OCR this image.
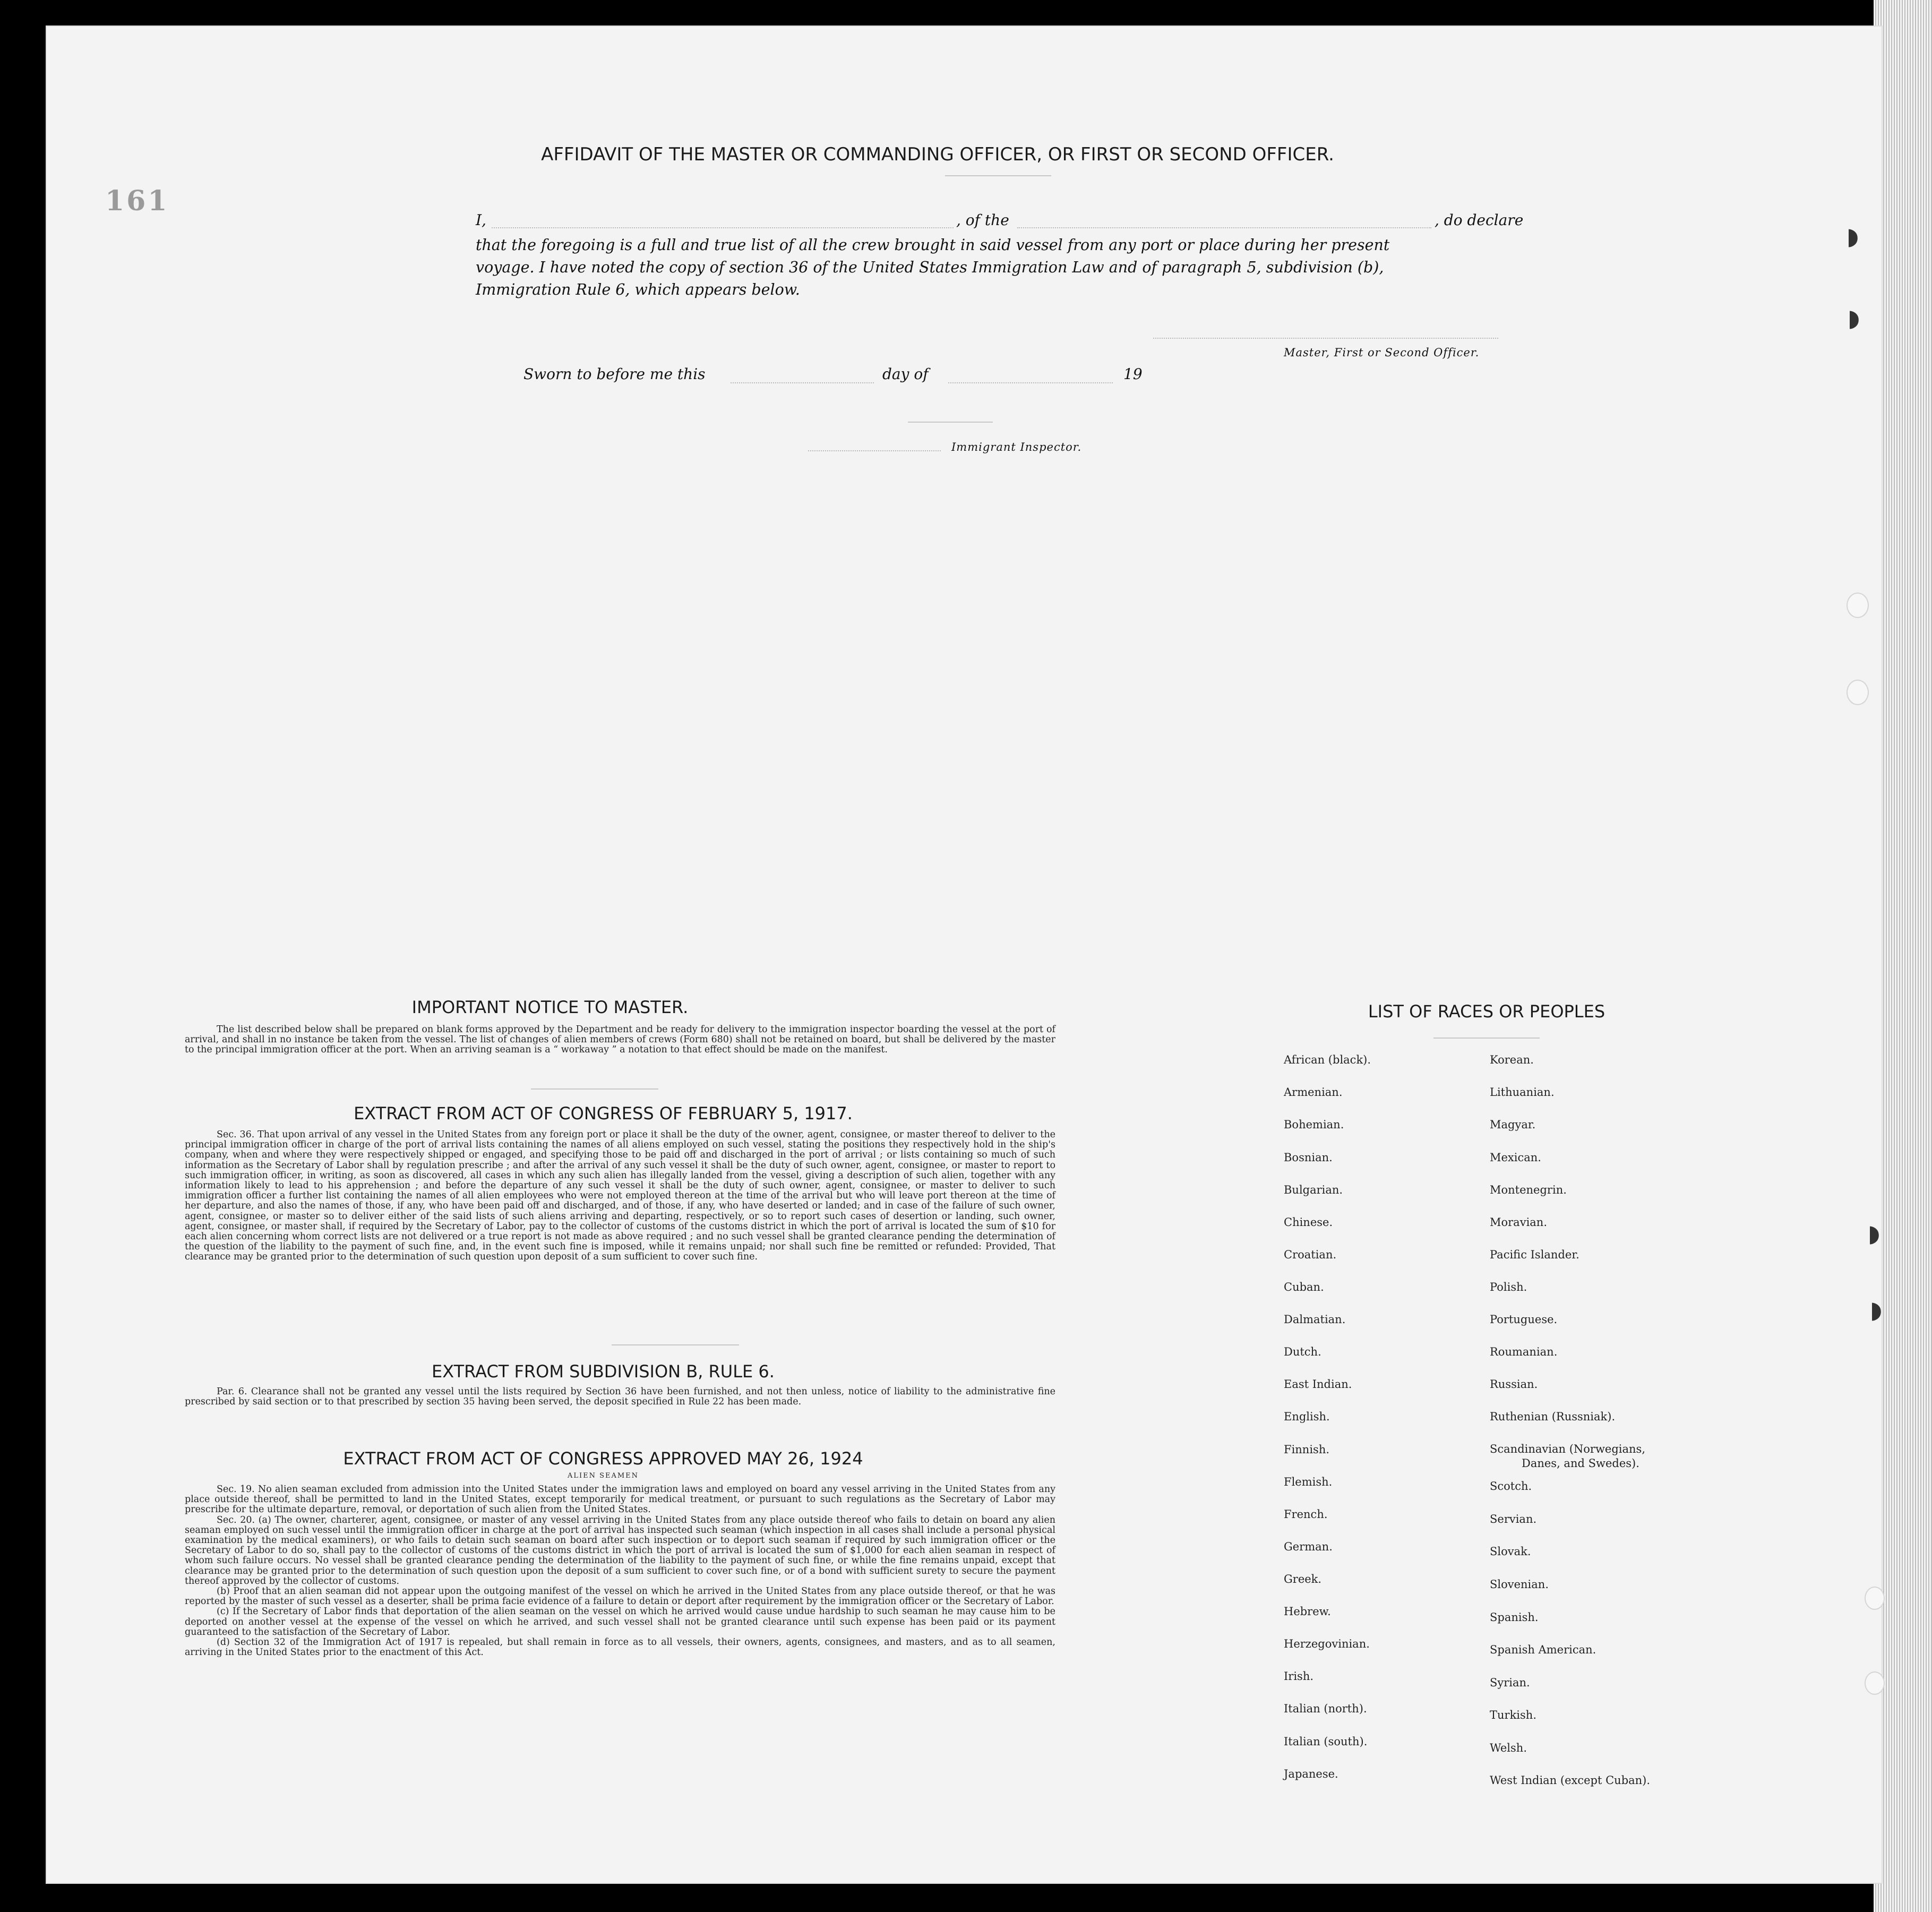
161
◗
◗
◗
◗
AFFIDAVIT OF THE MASTER OR COMMANDING OFFICER, OR FIRST OR SECOND OFFICER.
I,	, of the	, do declare
that the foregoing is a full and true list of all the crew brought in said vessel from any port or place during her present
voyage. I have noted the copy of section 36 of the United States Immigration Law and of paragraph 5, subdivision (b),
Immigration Rule 6, which appears below.
Master, First or Second Officer.
Sworn to before me this	day of	19
Immigrant Inspector.
IMPORTANT NOTICE TO MASTER.

The list described below shall be prepared on blank forms approved by the Department and be ready for delivery to the immigration inspector boarding the vessel at the port of arrival, and shall in no instance be taken from the vessel. The list of changes of alien members of crews (Form 680) shall not be retained on board, but shall be delivered by the master to the principal immigration officer at the port. When an arriving seaman is a “ workaway ” a notation to that effect should be made on the manifest.

EXTRACT FROM ACT OF CONGRESS OF FEBRUARY 5, 1917.

Sec. 36. That upon arrival of any vessel in the United States from any foreign port or place it shall be the duty of the owner, agent, consignee, or master thereof to deliver to the principal immigration officer in charge of the port of arrival lists containing the names of all aliens employed on such vessel, stating the positions they respectively hold in the ship's company, when and where they were respectively shipped or engaged, and specifying those to be paid off and discharged in the port of arrival ; or lists containing so much of such information as the Secretary of Labor shall by regulation prescribe ; and after the arrival of any such vessel it shall be the duty of such owner, agent, consignee, or master to report to such immigration officer, in writing, as soon as discovered, all cases in which any such alien has illegally landed from the vessel, giving a description of such alien, together with any information likely to lead to his apprehension ; and before the departure of any such vessel it shall be the duty of such owner, agent, consignee, or master to deliver to such immigration officer a further list containing the names of all alien employees who were not employed thereon at the time of the arrival but who will leave port thereon at the time of her departure, and also the names of those, if any, who have been paid off and discharged, and of those, if any, who have deserted or landed; and in case of the failure of such owner, agent, consignee, or master so to deliver either of the said lists of such aliens arriving and departing, respectively, or so to report such cases of desertion or landing, such owner, agent, consignee, or master shall, if required by the Secretary of Labor, pay to the collector of customs of the customs district in which the port of arrival is located the sum of $10 for each alien concerning whom correct lists are not delivered or a true report is not made as above required ; and no such vessel shall be granted clearance pending the determination of the question of the liability to the payment of such fine, and, in the event such fine is imposed, while it remains unpaid; nor shall such fine be remitted or refunded: Provided, That clearance may be granted prior to the determination of such question upon deposit of a sum sufficient to cover such fine.

EXTRACT FROM SUBDIVISION B, RULE 6.

Par. 6. Clearance shall not be granted any vessel until the lists required by Section 36 have been furnished, and not then unless, notice of liability to the administrative fine prescribed by said section or to that prescribed by section 35 having been served, the deposit specified in Rule 22 has been made.

EXTRACT FROM ACT OF CONGRESS APPROVED MAY 26, 1924
ALIEN SEAMEN

Sec. 19. No alien seaman excluded from admission into the United States under the immigration laws and employed on board any vessel arriving in the United States from any place outside thereof, shall be permitted to land in the United States, except temporarily for medical treatment, or pursuant to such regulations as the Secretary of Labor may prescribe for the ultimate departure, removal, or deportation of such alien from the United States.

Sec. 20. (a) The owner, charterer, agent, consignee, or master of any vessel arriving in the United States from any place outside thereof who fails to detain on board any alien seaman employed on such vessel until the immigration officer in charge at the port of arrival has inspected such seaman (which inspection in all cases shall include a personal physical examination by the medical examiners), or who fails to detain such seaman on board after such inspection or to deport such seaman if required by such immigration officer or the Secretary of Labor to do so, shall pay to the collector of customs of the customs district in which the port of arrival is located the sum of $1,000 for each alien seaman in respect of whom such failure occurs. No vessel shall be granted clearance pending the determination of the liability to the payment of such fine, or while the fine remains unpaid, except that clearance may be granted prior to the determination of such question upon the deposit of a sum sufficient to cover such fine, or of a bond with sufficient surety to secure the payment thereof approved by the collector of customs.

(b) Proof that an alien seaman did not appear upon the outgoing manifest of the vessel on which he arrived in the United States from any place outside thereof, or that he was reported by the master of such vessel as a deserter, shall be prima facie evidence of a failure to detain or deport after requirement by the immigration officer or the Secretary of Labor.

(c) If the Secretary of Labor finds that deportation of the alien seaman on the vessel on which he arrived would cause undue hardship to such seaman he may cause him to be deported on another vessel at the expense of the vessel on which he arrived, and such vessel shall not be granted clearance until such expense has been paid or its payment guaranteed to the satisfaction of the Secretary of Labor.

(d) Section 32 of the Immigration Act of 1917 is repealed, but shall remain in force as to all vessels, their owners, agents, consignees, and masters, and as to all seamen, arriving in the United States prior to the enactment of this Act.

LIST OF RACES OR PEOPLES
African (black).
Armenian.
Bohemian.
Bosnian.
Bulgarian.
Chinese.
Croatian.
Cuban.
Dalmatian.
Dutch.
East Indian.
English.
Finnish.
Flemish.
French.
German.
Greek.
Hebrew.
Herzegovinian.
Irish.
Italian (north).
Italian (south).
Japanese.
Korean.
Lithuanian.
Magyar.
Mexican.
Montenegrin.
Moravian.
Pacific Islander.
Polish.
Portuguese.
Roumanian.
Russian.
Ruthenian (Russniak).
Scandinavian (Norwegians,
Danes, and Swedes).
Scotch.
Servian.
Slovak.
Slovenian.
Spanish.
Spanish American.
Syrian.
Turkish.
Welsh.
West Indian (except Cuban).
